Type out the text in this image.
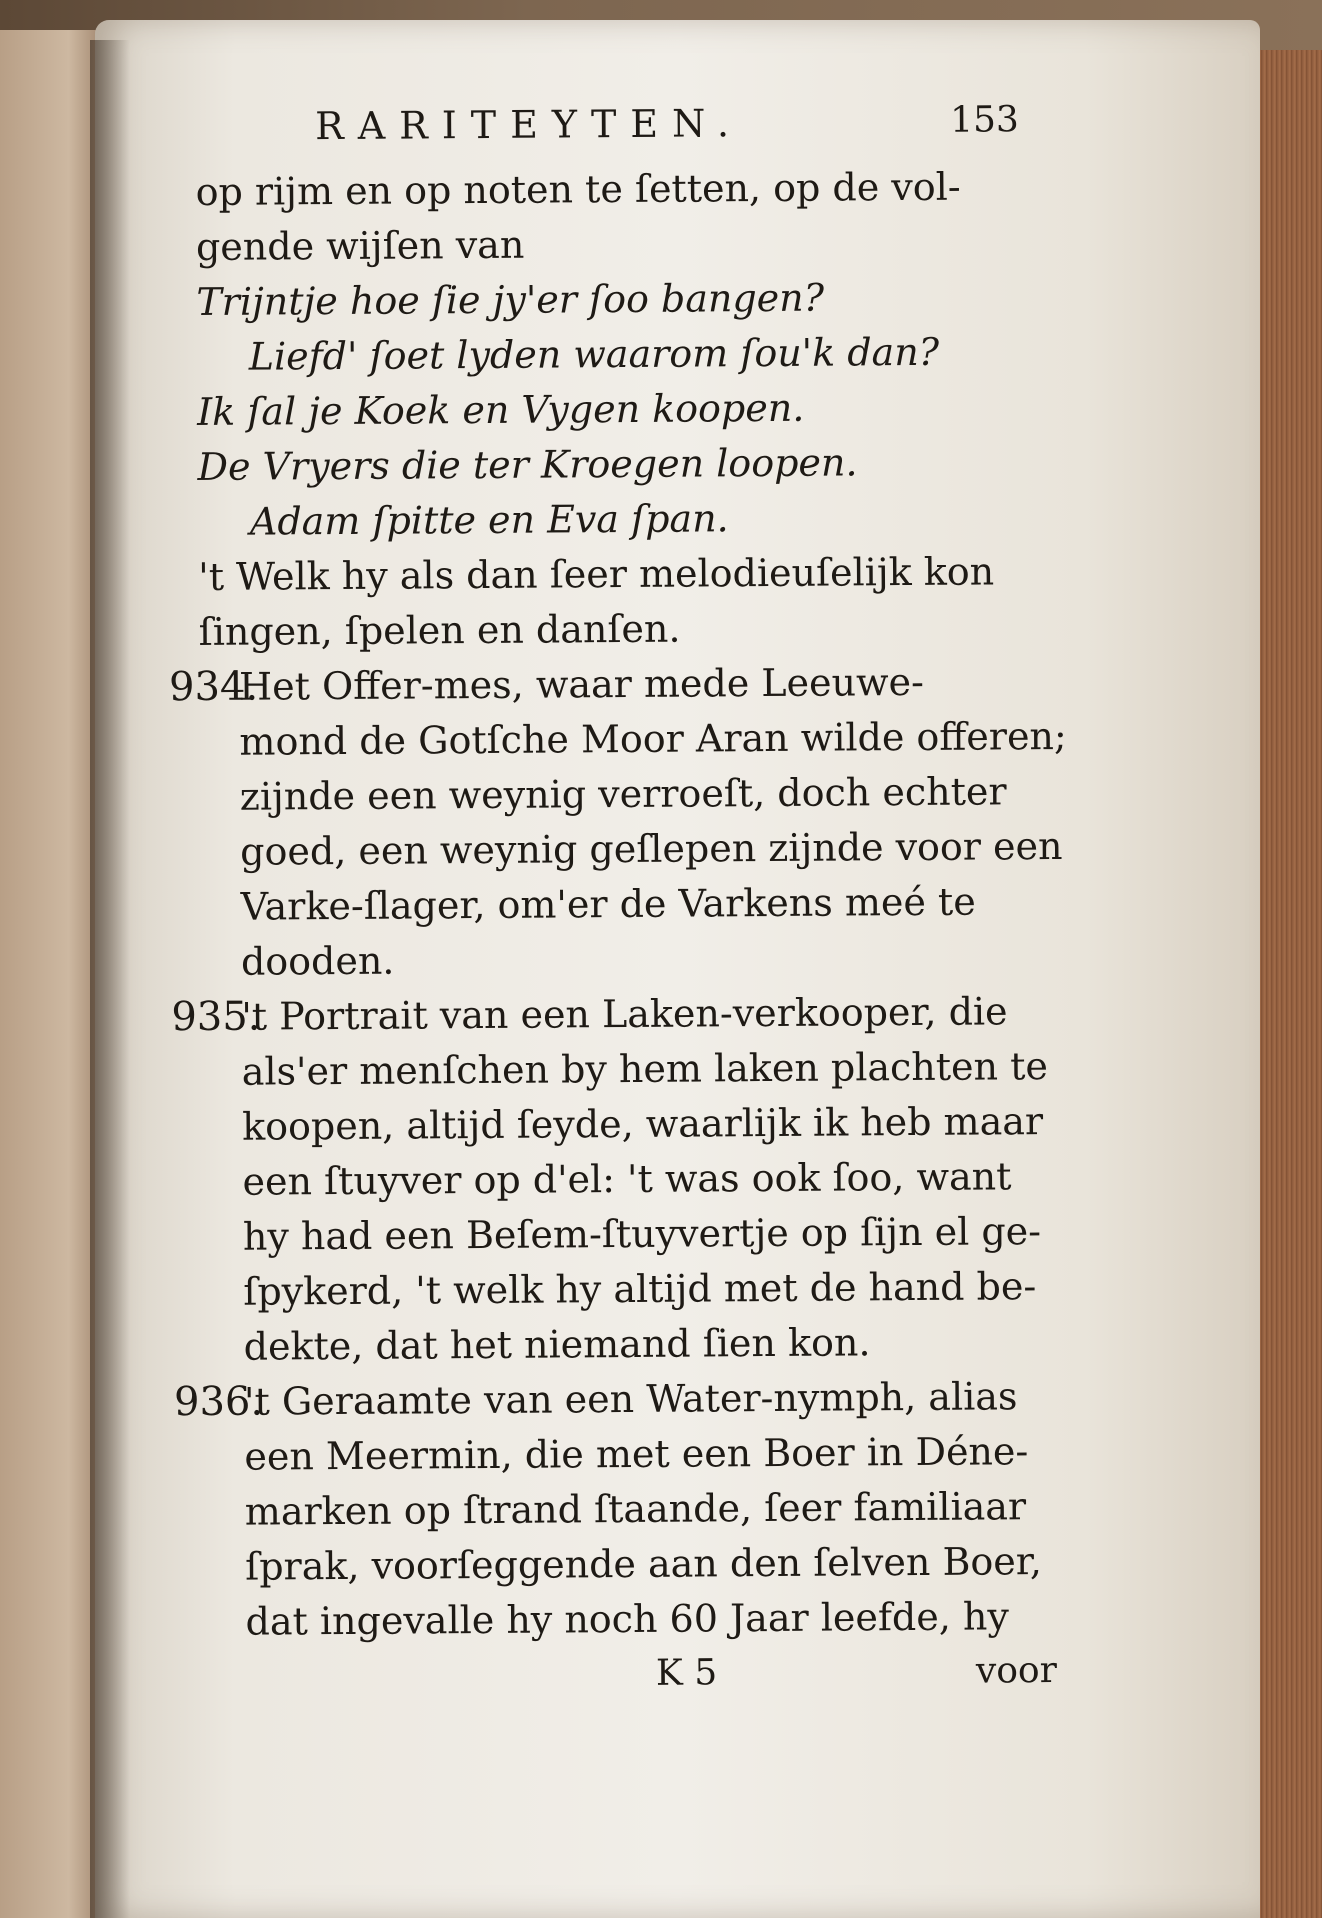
RARITEYTEN.	153
op rijm en op noten te ſetten, op de vol-
gende wijſen van
Trijntje hoe ſie jy'er ſoo bangen?
Liefd' ſoet lyden waarom ſou'k dan?
Ik ſal je Koek en Vygen koopen.
De Vryers die ter Kroegen loopen.
Adam ſpitte en Eva ſpan.
't Welk hy als dan ſeer melodieuſelijk kon
ſingen, ſpelen en danſen.
934.
Het Offer-mes, waar mede Leeuwe-
mond de Gotſche Moor Aran wilde offeren;
zijnde een weynig verroeſt, doch echter
goed, een weynig geſlepen zijnde voor een
Varke-ſlager, om'er de Varkens meé te
dooden.
935.
't Portrait van een Laken-verkooper, die
als'er menſchen by hem laken plachten te
koopen, altijd ſeyde, waarlijk ik heb maar
een ſtuyver op d'el: 't was ook ſoo, want
hy had een Beſem-ſtuyvertje op ſijn el ge-
ſpykerd, 't welk hy altijd met de hand be-
dekte, dat het niemand ſien kon.
936.
't Geraamte van een Water-nymph, alias
een Meermin, die met een Boer in Déne-
marken op ſtrand ſtaande, ſeer familiaar
ſprak, voorſeggende aan den ſelven Boer,
dat ingevalle hy noch 60 Jaar leefde, hy
K 5	voor
